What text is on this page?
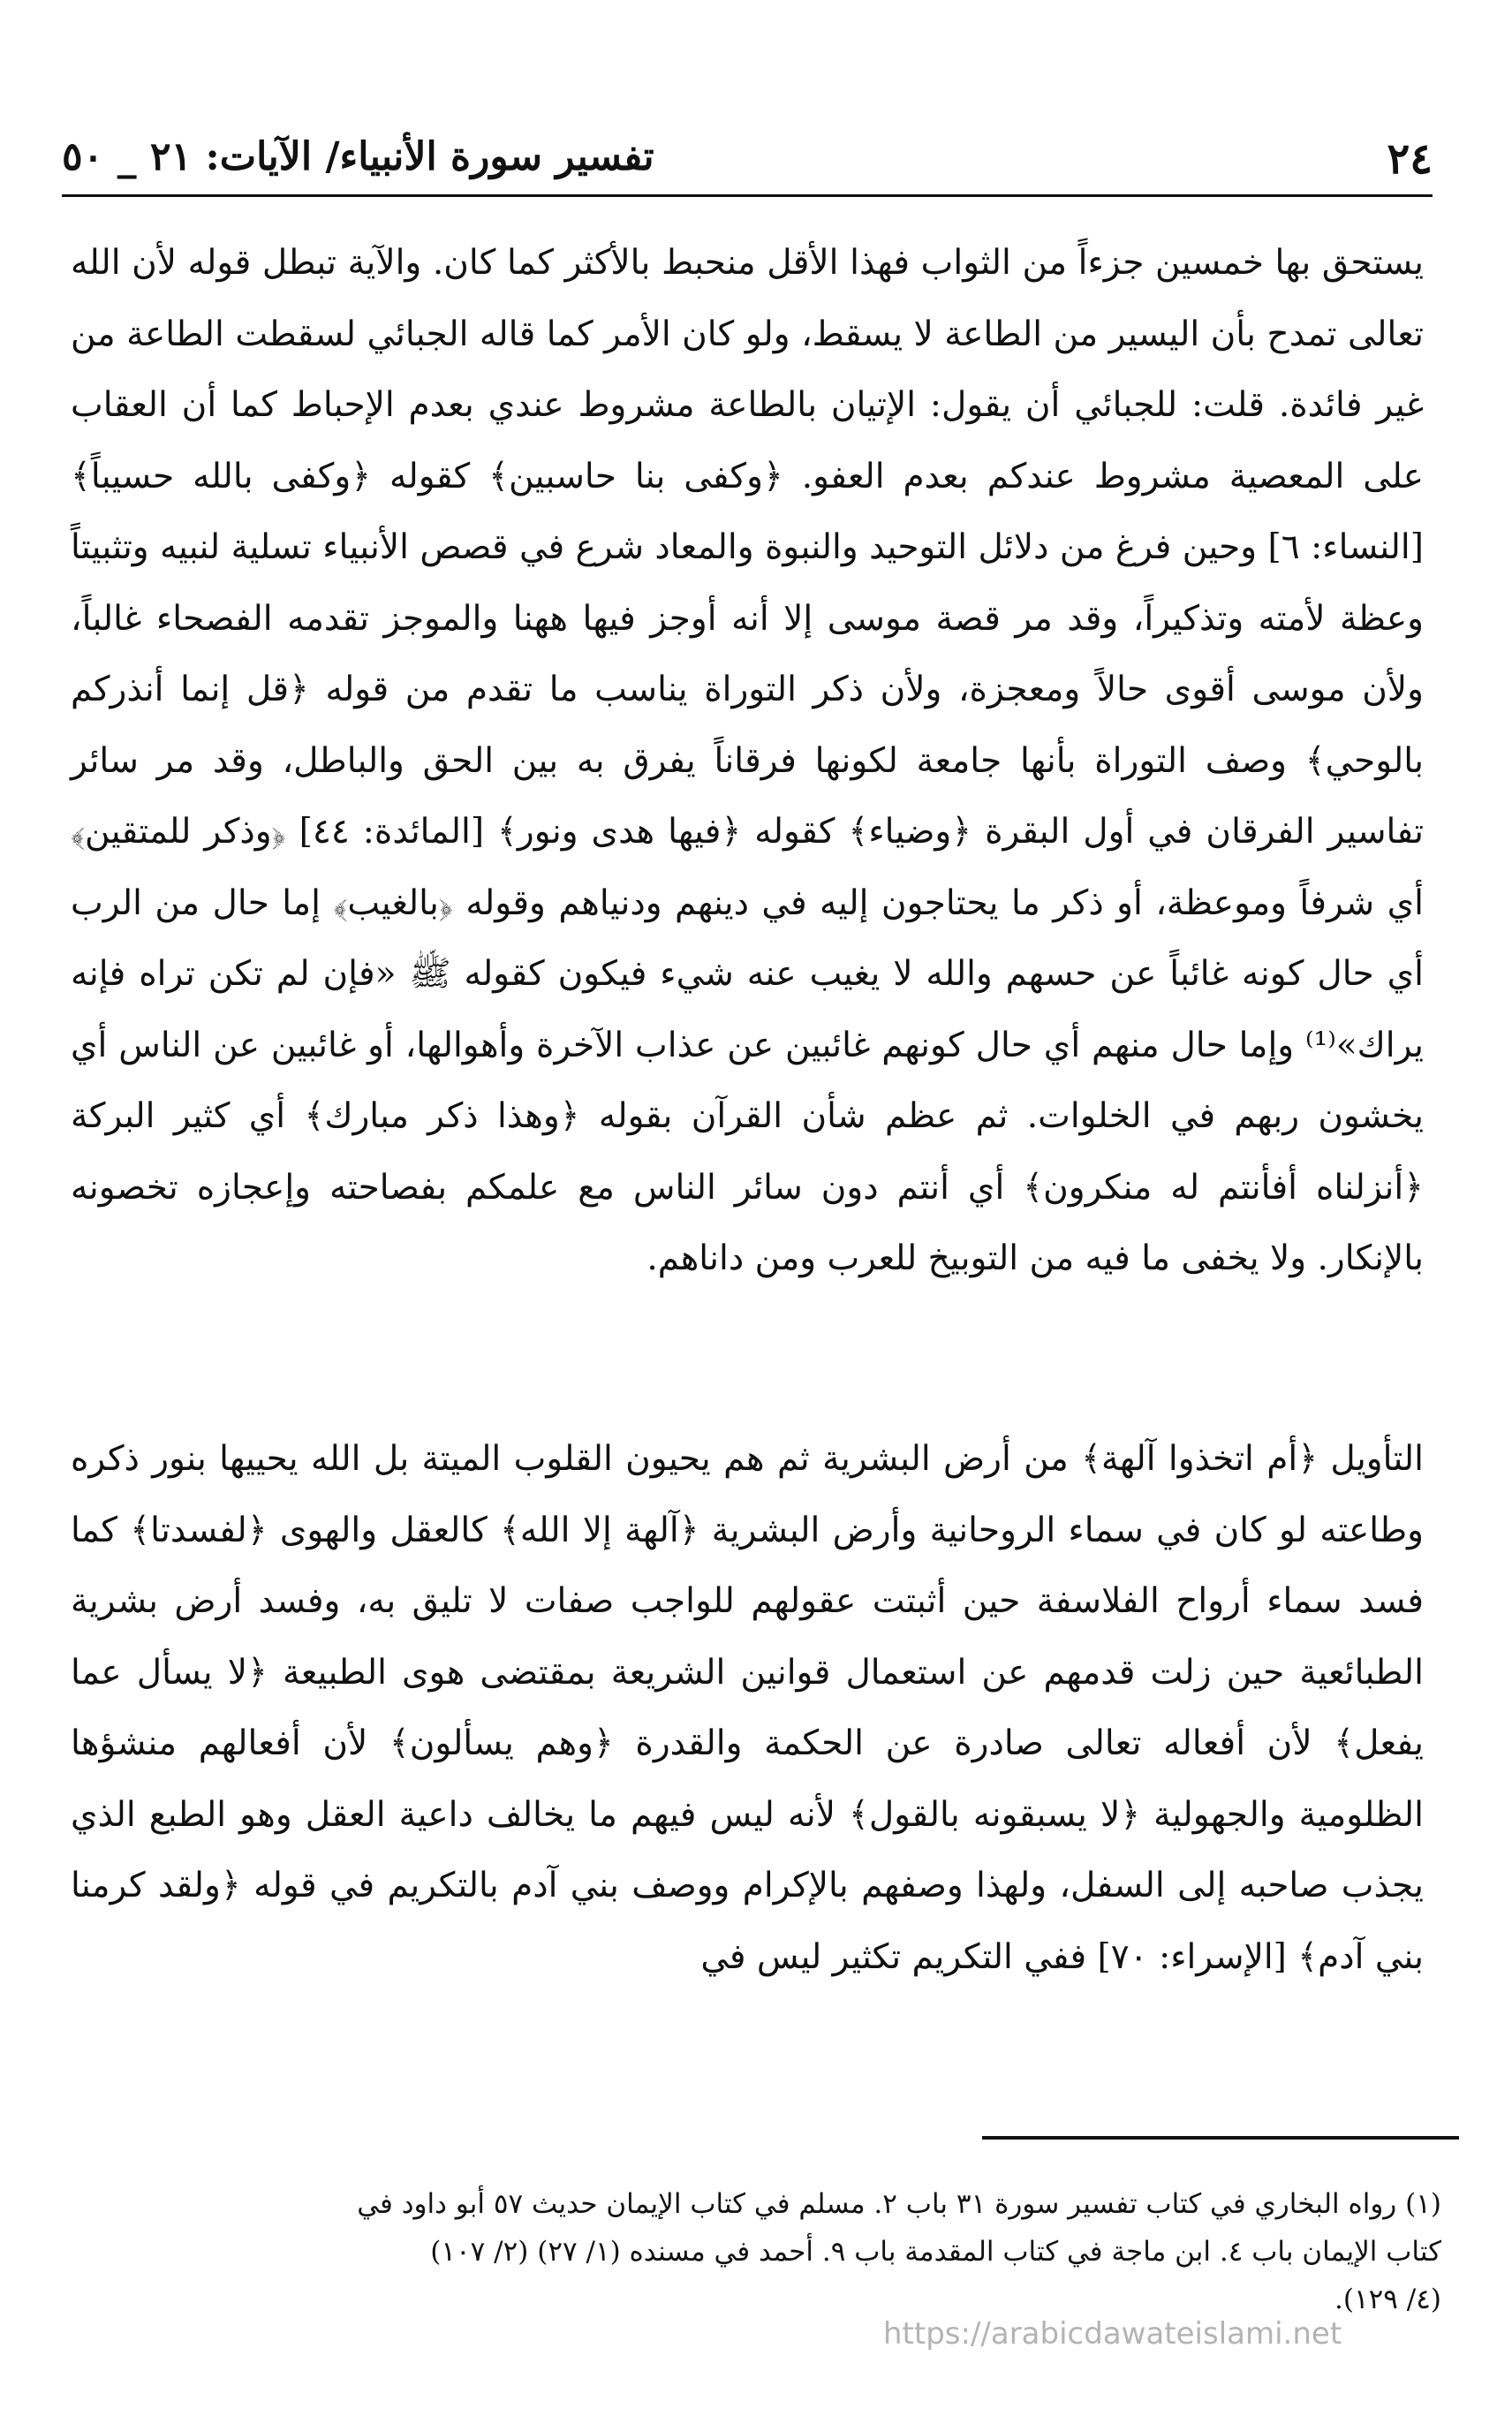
٢٤
تفسير سورة الأنبياء/ الآيات: ٢١ _ ٥٠

يستحق بها خمسين جزءاً من الثواب فهذا الأقل منحبط بالأكثر كما كان. والآية تبطل قوله لأن الله تعالى تمدح بأن اليسير من الطاعة لا يسقط، ولو كان الأمر كما قاله الجبائي لسقطت الطاعة من غير فائدة. قلت: للجبائي أن يقول: الإتيان بالطاعة مشروط عندي بعدم الإحباط كما أن العقاب على المعصية مشروط عندكم بعدم العفو. ﴿وكفى بنا حاسبين﴾ كقوله ﴿وكفى بالله حسيباً﴾ [النساء: ٦] وحين فرغ من دلائل التوحيد والنبوة والمعاد شرع في قصص الأنبياء تسلية لنبيه وتثبيتاً وعظة لأمته وتذكيراً، وقد مر قصة موسى إلا أنه أوجز فيها ههنا والموجز تقدمه الفصحاء غالباً، ولأن موسى أقوى حالاً ومعجزة، ولأن ذكر التوراة يناسب ما تقدم من قوله ﴿قل إنما أنذركم بالوحي﴾ وصف التوراة بأنها جامعة لكونها فرقاناً يفرق به بين الحق والباطل، وقد مر سائر تفاسير الفرقان في أول البقرة ﴿وضياء﴾ كقوله ﴿فيها هدى ونور﴾ [المائدة: ٤٤] ﴿وذكر للمتقين﴾ أي شرفاً وموعظة، أو ذكر ما يحتاجون إليه في دينهم ودنياهم وقوله ﴿بالغيب﴾ إما حال من الرب أي حال كونه غائباً عن حسهم والله لا يغيب عنه شيء فيكون كقوله ﷺ «فإن لم تكن تراه فإنه يراك»⁽¹⁾ وإما حال منهم أي حال كونهم غائبين عن عذاب الآخرة وأهوالها، أو غائبين عن الناس أي يخشون ربهم في الخلوات. ثم عظم شأن القرآن بقوله ﴿وهذا ذكر مبارك﴾ أي كثير البركة ﴿أنزلناه أفأنتم له منكرون﴾ أي أنتم دون سائر الناس مع علمكم بفصاحته وإعجازه تخصونه بالإنكار. ولا يخفى ما فيه من التوبيخ للعرب ومن داناهم.

التأويل ﴿أم اتخذوا آلهة﴾ من أرض البشرية ثم هم يحيون القلوب الميتة بل الله يحييها بنور ذكره وطاعته لو كان في سماء الروحانية وأرض البشرية ﴿آلهة إلا الله﴾ كالعقل والهوى ﴿لفسدتا﴾ كما فسد سماء أرواح الفلاسفة حين أثبتت عقولهم للواجب صفات لا تليق به، وفسد أرض بشرية الطبائعية حين زلت قدمهم عن استعمال قوانين الشريعة بمقتضى هوى الطبيعة ﴿لا يسأل عما يفعل﴾ لأن أفعاله تعالى صادرة عن الحكمة والقدرة ﴿وهم يسألون﴾ لأن أفعالهم منشؤها الظلومية والجهولية ﴿لا يسبقونه بالقول﴾ لأنه ليس فيهم ما يخالف داعية العقل وهو الطبع الذي يجذب صاحبه إلى السفل، ولهذا وصفهم بالإكرام ووصف بني آدم بالتكريم في قوله ﴿ولقد كرمنا بني آدم﴾ [الإسراء: ٧٠] ففي التكريم تكثير ليس في

(١) رواه البخاري في كتاب تفسير سورة ٣١ باب ٢. مسلم في كتاب الإيمان حديث ٥٧ أبو داود في
كتاب الإيمان باب ٤. ابن ماجة في كتاب المقدمة باب ٩. أحمد في مسنده (١/ ٢٧) (٢/ ١٠٧)
(٤/ ١٢٩).
https://arabicdawateislami.net
